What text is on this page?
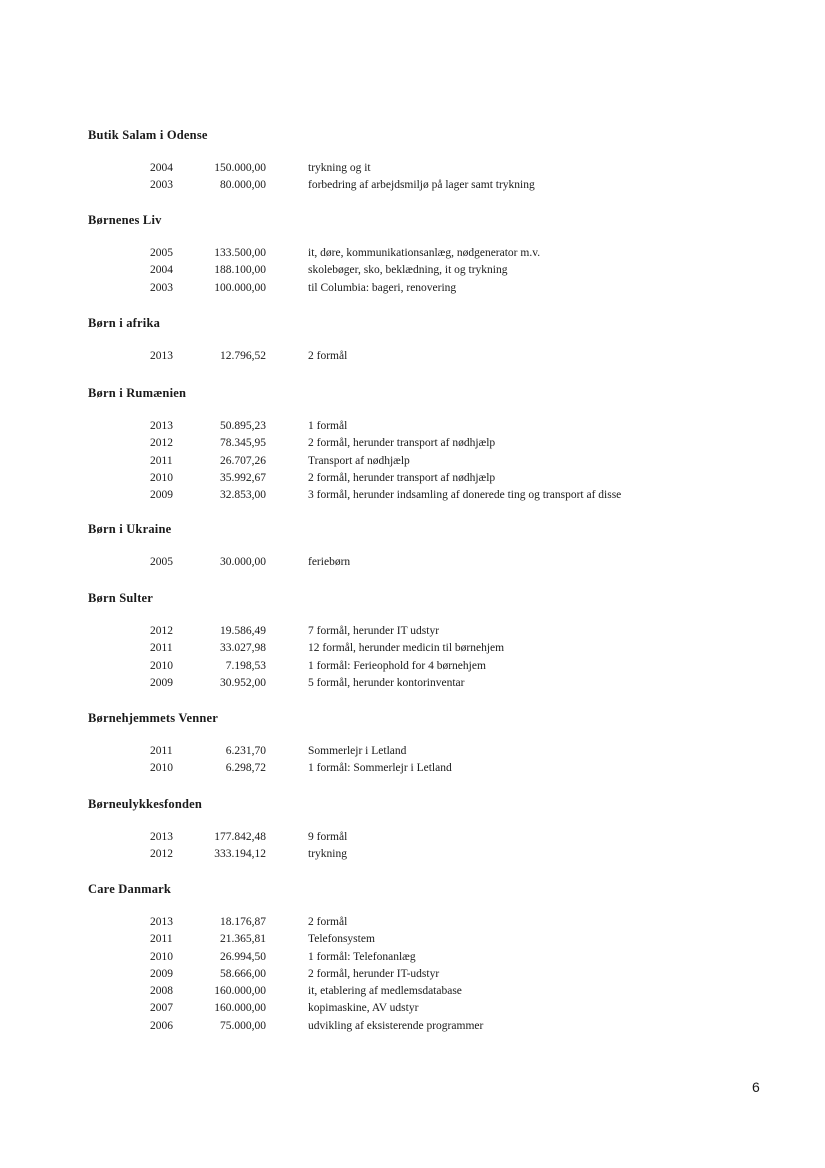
Butik Salam i Odense
2004	150.000,00	trykning og it
2003	80.000,00	forbedring af arbejdsmiljø på lager samt trykning
Børnenes Liv
2005	133.500,00	it, døre, kommunikationsanlæg, nødgenerator m.v.
2004	188.100,00	skolebøger, sko, beklædning, it og trykning
2003	100.000,00	til Columbia: bageri, renovering
Børn i afrika
2013	12.796,52	2 formål
Børn i Rumænien
2013	50.895,23	1 formål
2012	78.345,95	2 formål, herunder transport af nødhjælp
2011	26.707,26	Transport af nødhjælp
2010	35.992,67	2 formål, herunder transport af nødhjælp
2009	32.853,00	3 formål, herunder indsamling af donerede ting og transport af disse
Børn i Ukraine
2005	30.000,00	feriebørn
Børn Sulter
2012	19.586,49	7 formål, herunder IT udstyr
2011	33.027,98	12 formål, herunder medicin til børnehjem
2010	7.198,53	1 formål: Ferieophold for 4 børnehjem
2009	30.952,00	5 formål, herunder kontorinventar
Børnehjemmets Venner
2011	6.231,70	Sommerlejr i Letland
2010	6.298,72	1 formål: Sommerlejr i Letland
Børneulykkesfonden
2013	177.842,48	9 formål
2012	333.194,12	trykning
Care Danmark
2013	18.176,87	2 formål
2011	21.365,81	Telefonsystem
2010	26.994,50	1 formål: Telefonanlæg
2009	58.666,00	2 formål, herunder IT-udstyr
2008	160.000,00	it, etablering af medlemsdatabase
2007	160.000,00	kopimaskine, AV udstyr
2006	75.000,00	udvikling af eksisterende programmer
6
